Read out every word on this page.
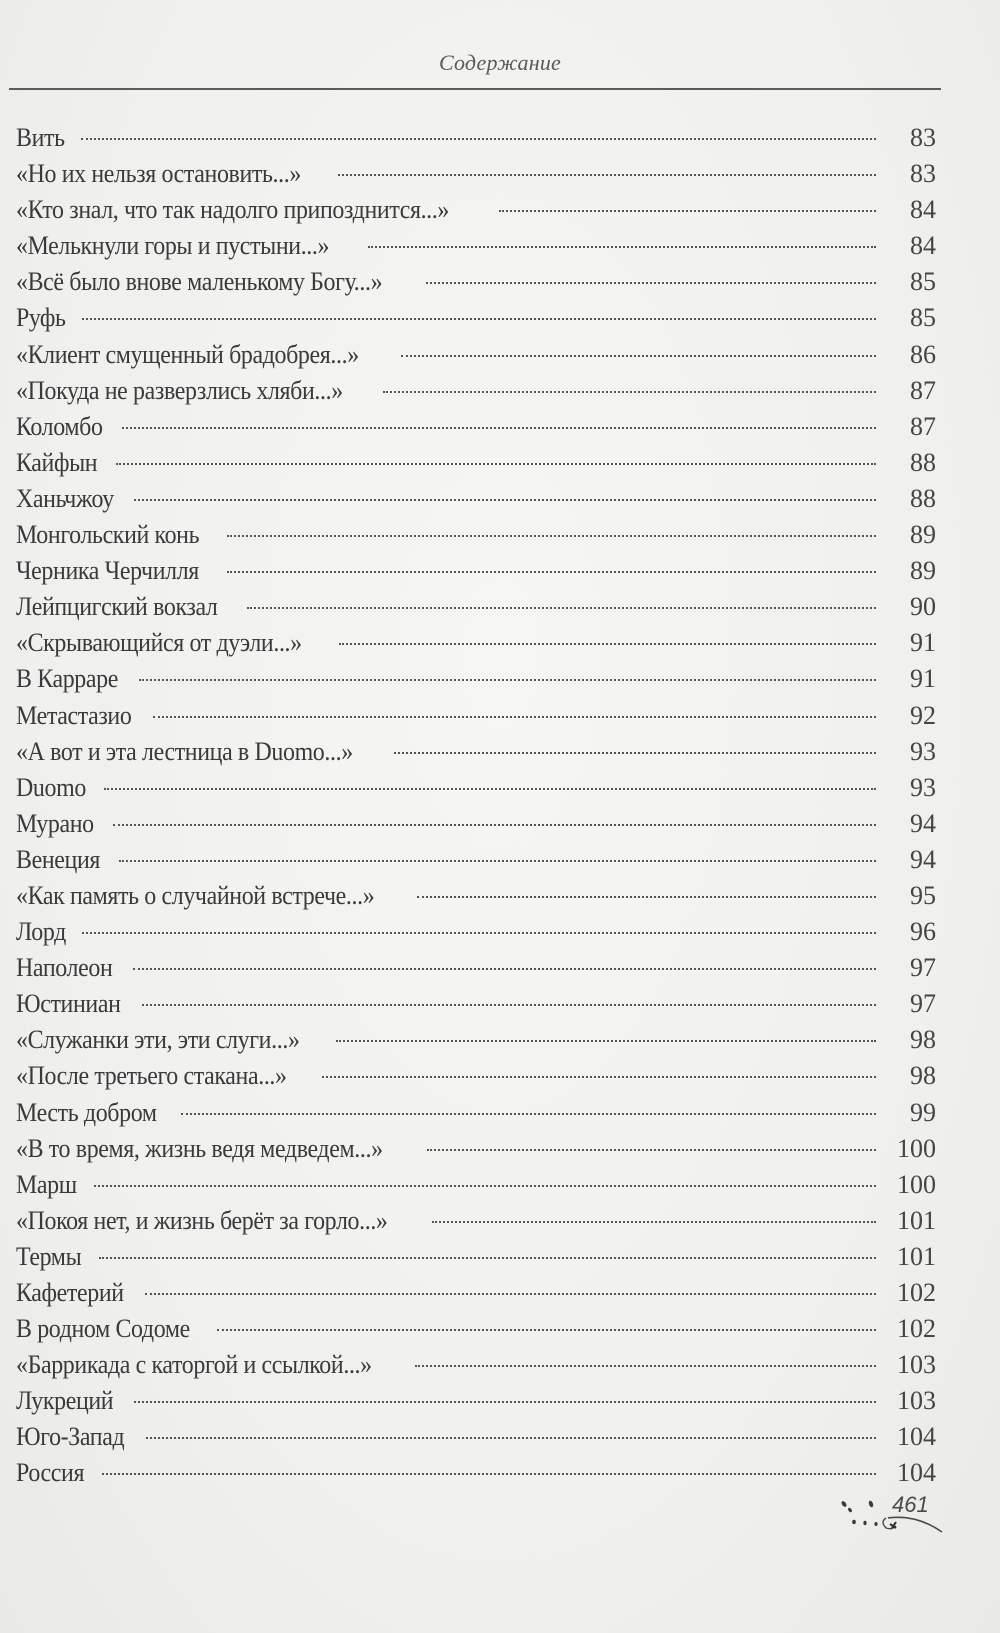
Содержание
Вить	83
«Но их нельзя остановить...»	83
«Кто знал, что так надолго припозднится...»	84
«Мелькнули горы и пустыни...»	84
«Всё было внове маленькому Богу...»	85
Руфь	85
«Клиент смущенный брадобрея...»	86
«Покуда не разверзлись хляби...»	87
Коломбо	87
Кайфын	88
Ханьчжоу	88
Монгольский конь	89
Черника Черчилля	89
Лейпцигский вокзал	90
«Скрывающийся от дуэли...»	91
В Карраре	91
Метастазио	92
«А вот и эта лестница в Duomo...»	93
Duomo	93
Мурано	94
Венеция	94
«Как память о случайной встрече...»	95
Лорд	96
Наполеон	97
Юстиниан	97
«Служанки эти, эти слуги...»	98
«После третьего стакана...»	98
Месть добром	99
«В то время, жизнь ведя медведем...»	100
Марш	100
«Покоя нет, и жизнь берёт за горло...»	101
Термы	101
Кафетерий	102
В родном Содоме	102
«Баррикада с каторгой и ссылкой...»	103
Лукреций	103
Юго-Запад	104
Россия	104
461
